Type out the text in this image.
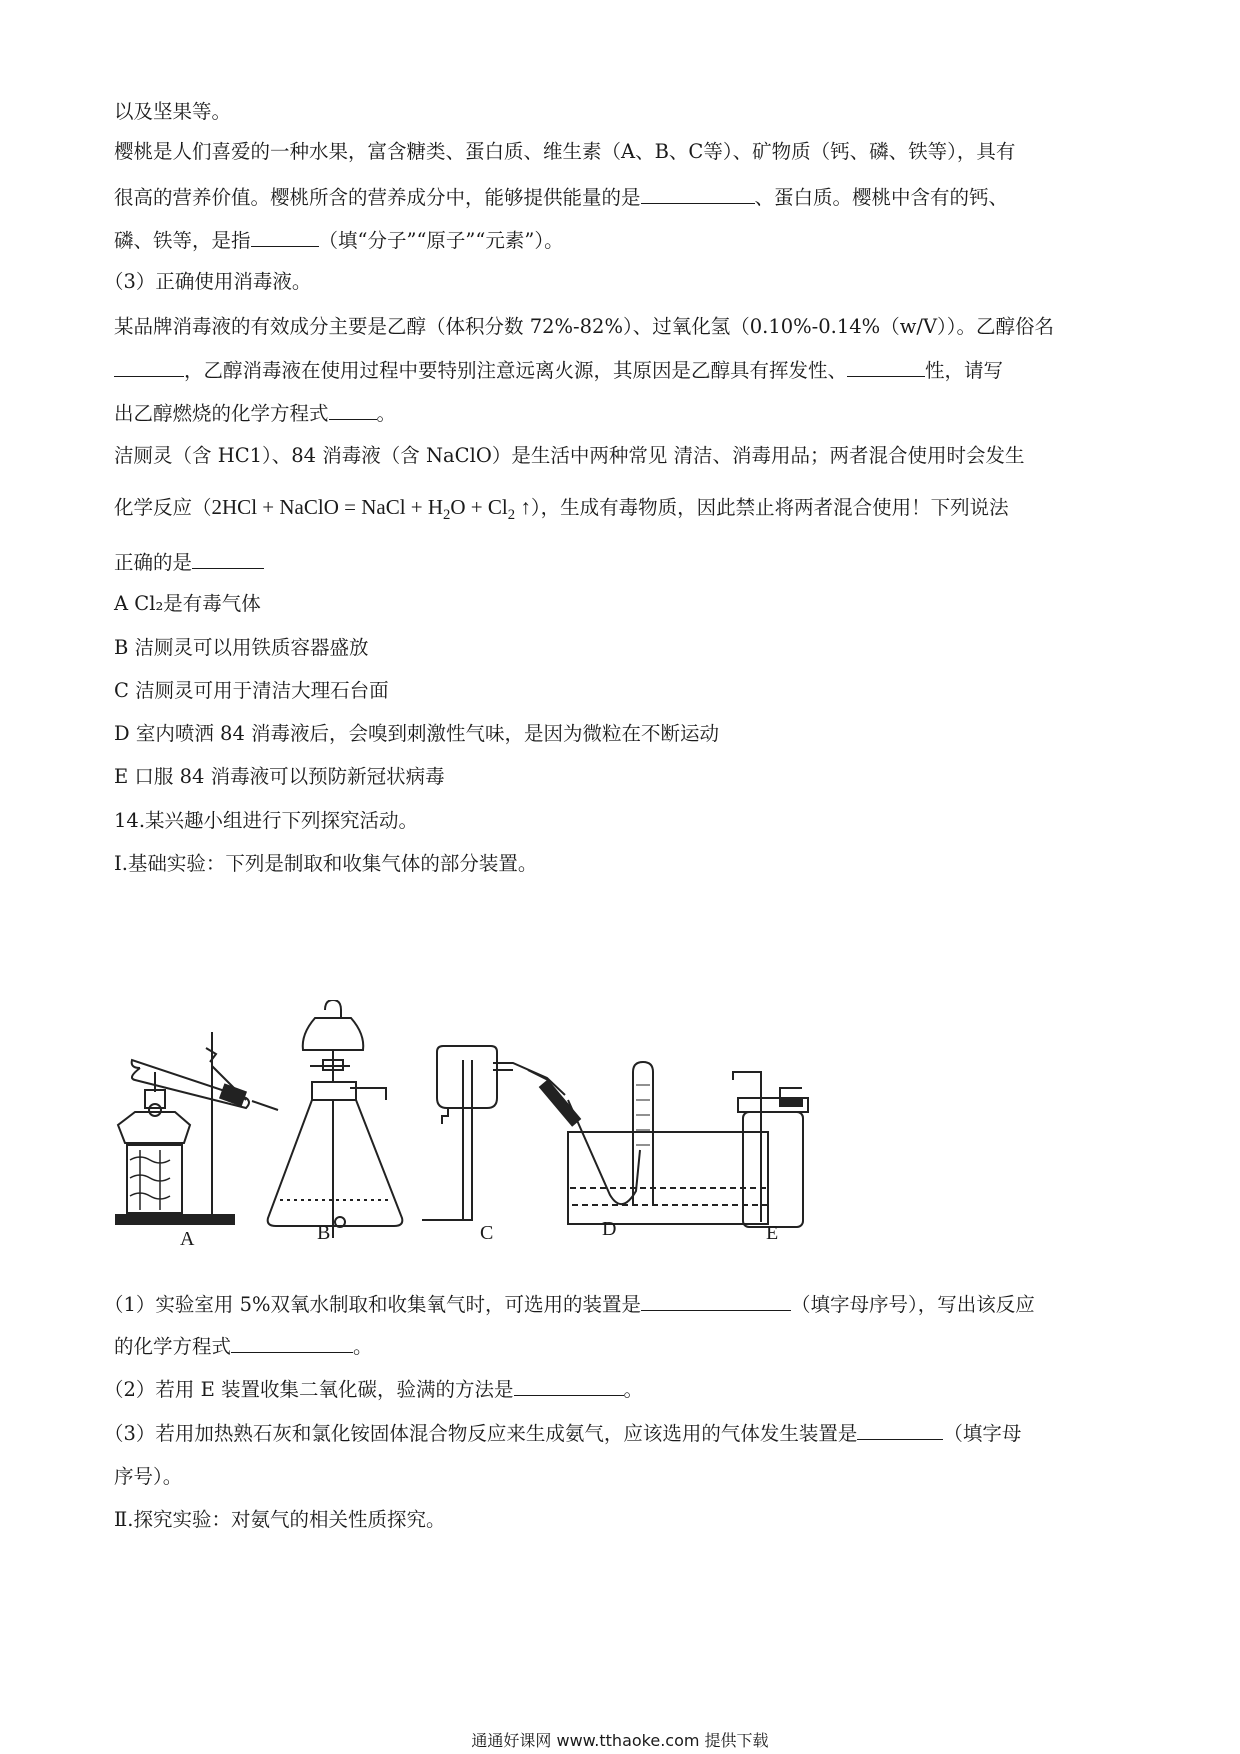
以及坚果等。
樱桃是人们喜爱的一种水果，富含糖类、蛋白质、维生素（A、B、C等）、矿物质（钙、磷、铁等），具有
很高的营养价值。樱桃所含的营养成分中，能够提供能量的是	、蛋白质。樱桃中含有的钙、
磷、铁等，是指	（填“分子”“原子”“元素”）。
（3）正确使用消毒液。
某品牌消毒液的有效成分主要是乙醇（体积分数 72%-82%）、过氧化氢（0.10%-0.14%（w/V））。乙醇俗名
，乙醇消毒液在使用过程中要特别注意远离火源，其原因是乙醇具有挥发性、	性，请写
出乙醇燃烧的化学方程式 。
洁厕灵（含 HC1）、84 消毒液（含 NaClO）是生活中两种常见 清洁、消毒用品；两者混合使用时会发生
化学反应（2HCl + NaClO = NaCl + $H_2O + Cl_2$ ↑），生成有毒物质，因此禁止将两者混合使用！下列说法
正确的是
A Cl₂是有毒气体
B 洁厕灵可以用铁质容器盛放
C 洁厕灵可用于清洁大理石台面
D 室内喷洒 84 消毒液后，会嗅到刺激性气味，是因为微粒在不断运动
E 口服 84 消毒液可以预防新冠状病毒
14.某兴趣小组进行下列探究活动。
I.基础实验：下列是制取和收集气体的部分装置。
A	B	C	D	E
（1）实验室用 5%双氧水制取和收集氧气时，可选用的装置是	（填字母序号），写出该反应
的化学方程式	。
（2）若用 E 装置收集二氧化碳，验满的方法是	。
（3）若用加热熟石灰和氯化铵固体混合物反应来生成氨气，应该选用的气体发生装置是	（填字母
序号）。
Ⅱ.探究实验：对氨气的相关性质探究。
通通好课网 www.tthaoke.com 提供下载
